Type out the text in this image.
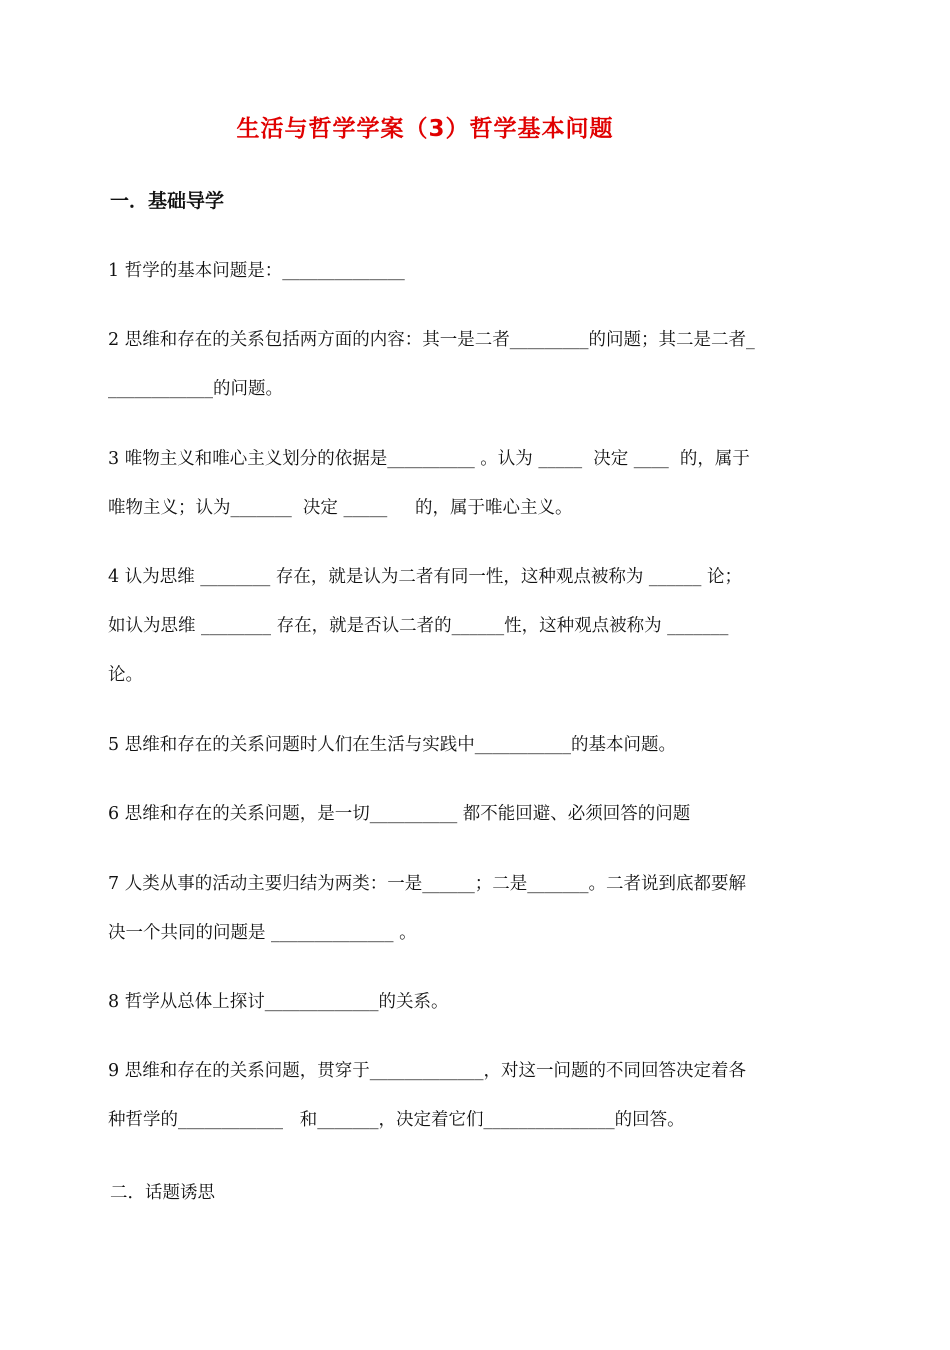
生活与哲学学案（3）哲学基本问题
一．基础导学
1 哲学的基本问题是：______________
2 思维和存在的关系包括两方面的内容：其一是二者_________的问题；其二是二者_
____________的问题。
3 唯物主义和唯心主义划分的依据是__________ 。认为 _____  决定 ____  的，属于
唯物主义；认为_______  决定 _____     的，属于唯心主义。
4 认为思维 ________ 存在，就是认为二者有同一性，这种观点被称为 ______ 论；
如认为思维 ________ 存在，就是否认二者的______性，这种观点被称为 _______
论。
5 思维和存在的关系问题时人们在生活与实践中___________的基本问题。
6 思维和存在的关系问题，是一切__________ 都不能回避、必须回答的问题
7 人类从事的活动主要归结为两类：一是______；二是_______。二者说到底都要解
决一个共同的问题是 ______________ 。
8 哲学从总体上探讨_____________的关系。
9 思维和存在的关系问题，贯穿于_____________，对这一问题的不同回答决定着各
种哲学的____________   和_______，决定着它们_______________的回答。
二．话题诱思
